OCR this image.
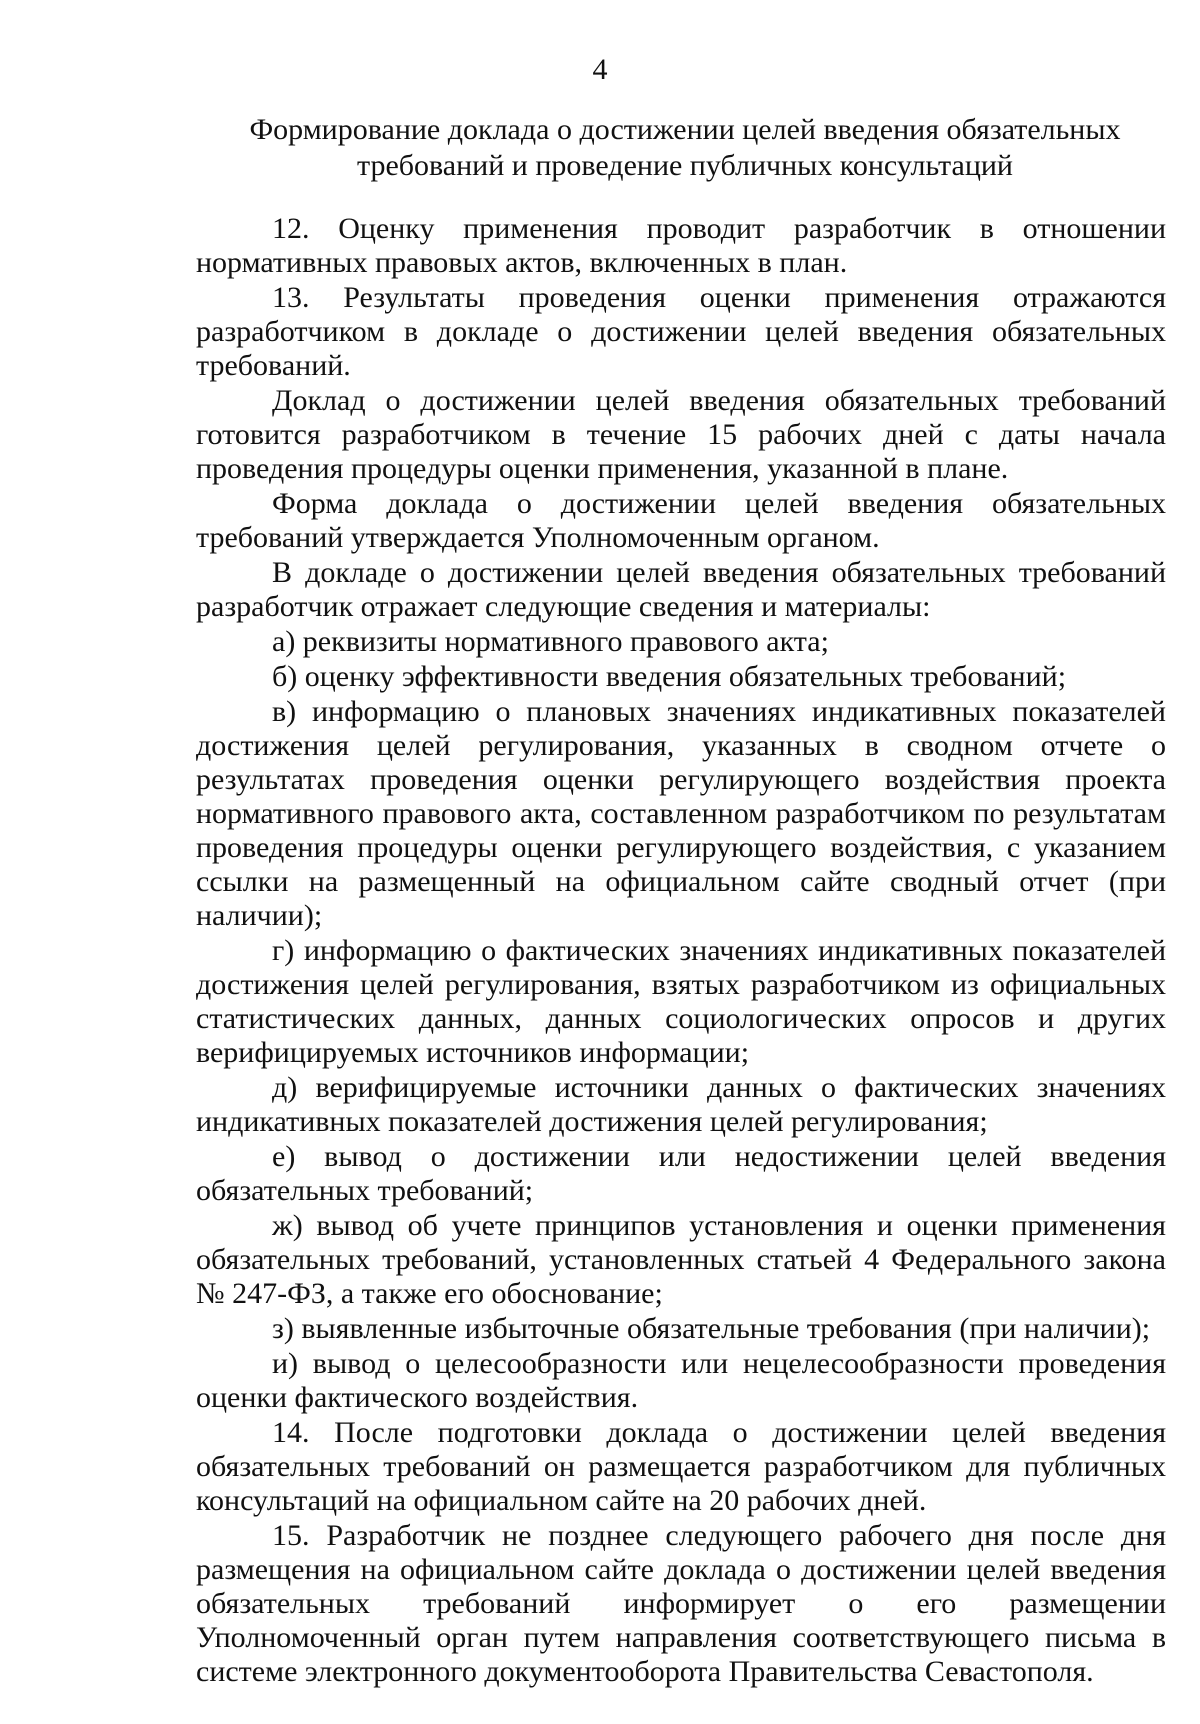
4
Формирование доклада о достижении целей введения обязательных
требований и проведение публичных консультаций

12. Оценку применения проводит разработчик в отношении нормативных правовых актов, включенных в план.

13. Результаты проведения оценки применения отражаются разработчиком в докладе о достижении целей введения обязательных требований.

Доклад о достижении целей введения обязательных требований готовится разработчиком в течение 15 рабочих дней с даты начала проведения процедуры оценки применения, указанной в плане.

Форма доклада о достижении целей введения обязательных требований утверждается Уполномоченным органом.

В докладе о достижении целей введения обязательных требований разработчик отражает следующие сведения и материалы:

а) реквизиты нормативного правового акта;

б) оценку эффективности введения обязательных требований;

в) информацию о плановых значениях индикативных показателей достижения целей регулирования, указанных в сводном отчете о результатах проведения оценки регулирующего воздействия проекта нормативного правового акта, составленном разработчиком по результатам проведения процедуры оценки регулирующего воздействия, с указанием ссылки на размещенный на официальном сайте сводный отчет (при наличии);

г) информацию о фактических значениях индикативных показателей достижения целей регулирования, взятых разработчиком из официальных статистических данных, данных социологических опросов и других верифицируемых источников информации;

д) верифицируемые источники данных о фактических значениях индикативных показателей достижения целей регулирования;

е) вывод о достижении или недостижении целей введения обязательных требований;

ж) вывод об учете принципов установления и оценки применения обязательных требований, установленных статьей 4 Федерального закона № 247-ФЗ, а также его обоснование;

з) выявленные избыточные обязательные требования (при наличии);

и) вывод о целесообразности или нецелесообразности проведения оценки фактического воздействия.

14. После подготовки доклада о достижении целей введения обязательных требований он размещается разработчиком для публичных консультаций на официальном сайте на 20 рабочих дней.

15. Разработчик не позднее следующего рабочего дня после дня размещения на официальном сайте доклада о достижении целей введения обязательных требований информирует о его размещении Уполномоченный орган путем направления соответствующего письма в системе электронного документооборота Правительства Севастополя.
